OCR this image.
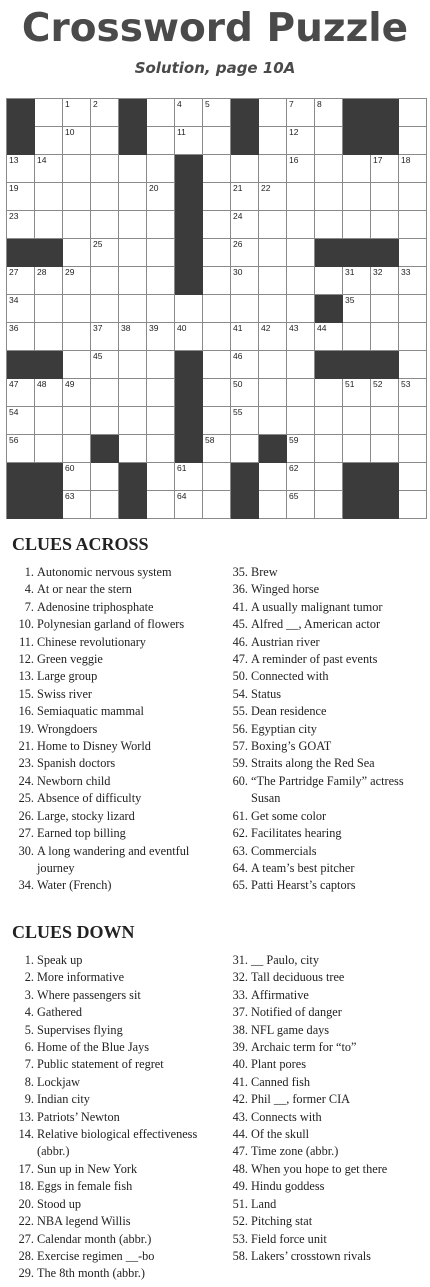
Crossword Puzzle
Solution, page 10A
1	2	4	5	7	8
10	11	12
13 14	16	17 18
19	20	21 22
23	24
25	26
27 28 29	30	31 32 33
34	35
36	37 38 39 40	41 42 43 44
45	46
47 48 49	50	51 52 53
54	55
56	58	59
60	61	62
63	64	65
CLUES ACROSS
1 . Autonomic nervous system
4 . At or near the stern
7 . Adenosine triphosphate
10 . Polynesian garland of flowers
11 . Chinese revolutionary
12 . Green veggie
13 . Large group
15 . Swiss river
16 . Semiaquatic mammal
19 . Wrongdoers
21 . Home to Disney World
23 . Spanish doctors
24 . Newborn child
25 . Absence of difficulty
26 . Large, stocky lizard
27 . Earned top billing
30 . A long wandering and eventful journey
34 . Water (French)
35 . Brew
36 . Winged horse
41 . A usually malignant tumor
45 . Alfred __, American actor
46 . Austrian river
47 . A reminder of past events
50 . Connected with
54 . Status
55 . Dean residence
56 . Egyptian city
57 . Boxing’s GOAT
59 . Straits along the Red Sea
60 . “The Partridge Family” actress Susan
61 . Get some color
62 . Facilitates hearing
63 . Commercials
64 . A team’s best pitcher
65 . Patti Hearst’s captors
CLUES DOWN
1 . Speak up
2 . More informative
3 . Where passengers sit
4 . Gathered
5 . Supervises flying
6 . Home of the Blue Jays
7 . Public statement of regret
8 . Lockjaw
9 . Indian city
13 . Patriots’ Newton
14 . Relative biological effectiveness (abbr.)
17 . Sun up in New York
18 . Eggs in female fish
20 . Stood up
22 . NBA legend Willis
27 . Calendar month (abbr.)
28 . Exercise regimen __-bo
29 . The 8th month (abbr.)
31 . __ Paulo, city
32 . Tall deciduous tree
33 . Affirmative
37 . Notified of danger
38 . NFL game days
39 . Archaic term for “to”
40 . Plant pores
41 . Canned fish
42 . Phil __, former CIA
43 . Connects with
44 . Of the skull
47 . Time zone (abbr.)
48 . When you hope to get there
49 . Hindu goddess
51 . Land
52 . Pitching stat
53 . Field force unit
58 . Lakers’ crosstown rivals
